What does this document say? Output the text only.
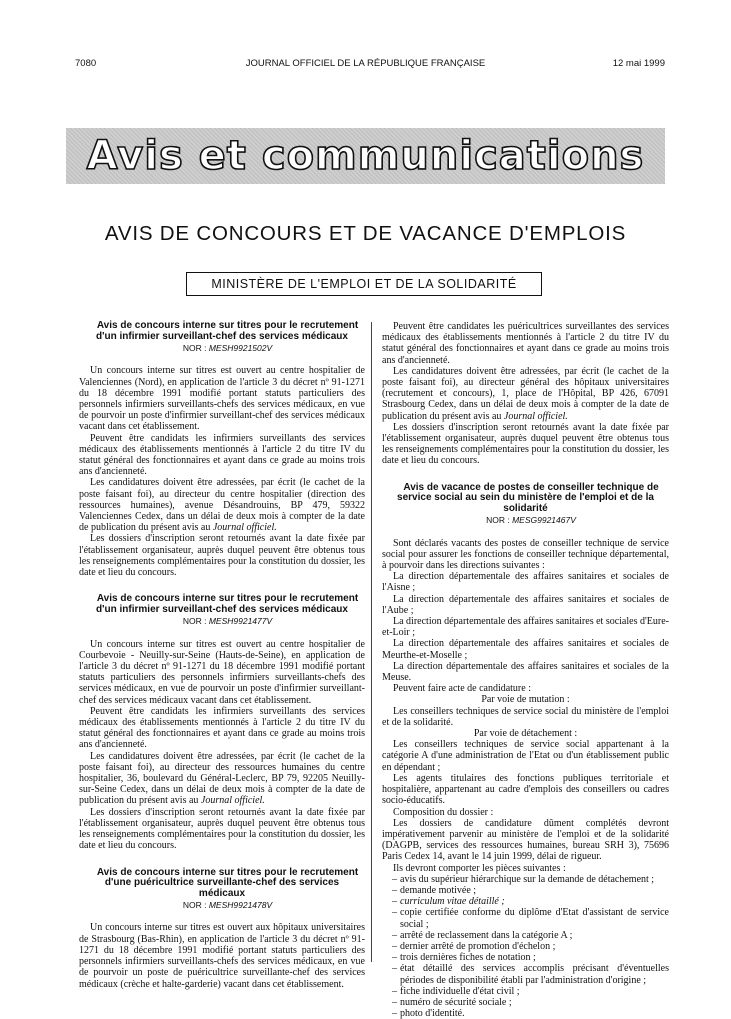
7080	JOURNAL OFFICIEL DE LA RÉPUBLIQUE FRANÇAISE	12 mai 1999
Avis et communications
AVIS DE CONCOURS ET DE VACANCE D'EMPLOIS
MINISTÈRE DE L'EMPLOI ET DE LA SOLIDARITÉ

Avis de concours interne sur titres pour le recrutement d'un infirmier surveillant-chef des services médicaux

NOR : MESH9921502V

Un concours interne sur titres est ouvert au centre hospitalier de Valenciennes (Nord), en application de l'article 3 du décret nº 91-1271 du 18 décembre 1991 modifié portant statuts particuliers des personnels infirmiers surveillants-chefs des services médicaux, en vue de pourvoir un poste d'infirmier surveillant-chef des services médicaux vacant dans cet établissement.

Peuvent être candidats les infirmiers surveillants des services médicaux des établissements mentionnés à l'article 2 du titre IV du statut général des fonctionnaires et ayant dans ce grade au moins trois ans d'ancienneté.

Les candidatures doivent être adressées, par écrit (le cachet de la poste faisant foi), au directeur du centre hospitalier (direction des ressources humaines), avenue Désandrouins, BP 479, 59322 Valenciennes Cedex, dans un délai de deux mois à compter de la date de publication du présent avis au Journal officiel.

Les dossiers d'inscription seront retournés avant la date fixée par l'établissement organisateur, auprès duquel peuvent être obtenus tous les renseignements complémentaires pour la constitution du dossier, les date et lieu du concours.

Avis de concours interne sur titres pour le recrutement d'un infirmier surveillant-chef des services médicaux

NOR : MESH9921477V

Un concours interne sur titres est ouvert au centre hospitalier de Courbevoie - Neuilly-sur-Seine (Hauts-de-Seine), en application de l'article 3 du décret nº 91-1271 du 18 décembre 1991 modifié portant statuts particuliers des personnels infirmiers surveillants-chefs des services médicaux, en vue de pourvoir un poste d'infirmier surveillant-chef des services médicaux vacant dans cet établissement.

Peuvent être candidats les infirmiers surveillants des services médicaux des établissements mentionnés à l'article 2 du titre IV du statut général des fonctionnaires et ayant dans ce grade au moins trois ans d'ancienneté.

Les candidatures doivent être adressées, par écrit (le cachet de la poste faisant foi), au directeur des ressources humaines du centre hospitalier, 36, boulevard du Général-Leclerc, BP 79, 92205 Neuilly-sur-Seine Cedex, dans un délai de deux mois à compter de la date de publication du présent avis au Journal officiel.

Les dossiers d'inscription seront retournés avant la date fixée par l'établissement organisateur, auprès duquel peuvent être obtenus tous les renseignements complémentaires pour la constitution du dossier, les date et lieu du concours.

Avis de concours interne sur titres pour le recrutement d'une puéricultrice surveillante-chef des services médicaux

NOR : MESH9921478V

Un concours interne sur titres est ouvert aux hôpitaux universitaires de Strasbourg (Bas-Rhin), en application de l'article 3 du décret nº 91-1271 du 18 décembre 1991 modifié portant statuts particuliers des personnels infirmiers surveillants-chefs des services médicaux, en vue de pourvoir un poste de puéricultrice surveillante-chef des services médicaux (crèche et halte-garderie) vacant dans cet établissement.

Peuvent être candidates les puéricultrices surveillantes des services médicaux des établissements mentionnés à l'article 2 du titre IV du statut général des fonctionnaires et ayant dans ce grade au moins trois ans d'ancienneté.

Les candidatures doivent être adressées, par écrit (le cachet de la poste faisant foi), au directeur général des hôpitaux universitaires (recrutement et concours), 1, place de l'Hôpital, BP 426, 67091 Strasbourg Cedex, dans un délai de deux mois à compter de la date de publication du présent avis au Journal officiel.

Les dossiers d'inscription seront retournés avant la date fixée par l'établissement organisateur, auprès duquel peuvent être obtenus tous les renseignements complémentaires pour la constitution du dossier, les date et lieu du concours.

Avis de vacance de postes de conseiller technique de service social au sein du ministère de l'emploi et de la solidarité

NOR : MESG9921467V

Sont déclarés vacants des postes de conseiller technique de service social pour assurer les fonctions de conseiller technique départemental, à pourvoir dans les directions suivantes :

La direction départementale des affaires sanitaires et sociales de l'Aisne ;

La direction départementale des affaires sanitaires et sociales de l'Aube ;

La direction départementale des affaires sanitaires et sociales d'Eure-et-Loir ;

La direction départementale des affaires sanitaires et sociales de Meurthe-et-Moselle ;

La direction départementale des affaires sanitaires et sociales de la Meuse.

Peuvent faire acte de candidature :

Par voie de mutation :

Les conseillers techniques de service social du ministère de l'emploi et de la solidarité.

Par voie de détachement :

Les conseillers techniques de service social appartenant à la catégorie A d'une administration de l'Etat ou d'un établissement public en dépendant ;

Les agents titulaires des fonctions publiques territoriale et hospitalière, appartenant au cadre d'emplois des conseillers ou cadres socio-éducatifs.

Composition du dossier :

Les dossiers de candidature dûment complétés devront impérativement parvenir au ministère de l'emploi et de la solidarité (DAGPB, services des ressources humaines, bureau SRH 3), 75696 Paris Cedex 14, avant le 14 juin 1999, délai de rigueur.

Ils devront comporter les pièces suivantes :

– avis du supérieur hiérarchique sur la demande de détachement ;
– demande motivée ;
– curriculum vitae détaillé ;
– copie certifiée conforme du diplôme d'Etat d'assistant de service social ;
– arrêté de reclassement dans la catégorie A ;
– dernier arrêté de promotion d'échelon ;
– trois dernières fiches de notation ;
– état détaillé des services accomplis précisant d'éventuelles périodes de disponibilité établi par l'administration d'origine ;
– fiche individuelle d'état civil ;
– numéro de sécurité sociale ;
– photo d'identité.
